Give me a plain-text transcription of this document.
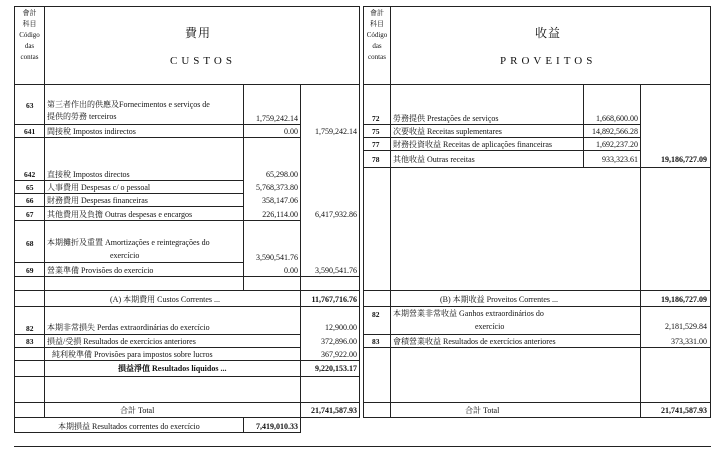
會計
科目
Código
das
contas
會計
科目
Código
das
contas
費用
CUSTOS
收益
PROVEITOS
63 第三者作出的供應及Fornecimentos e serviços de
提供的勞務 terceiros	1,759,242.14
641 間接稅 Impostos indirectos	0.00	1,759,242.14
642 直接稅 Impostos directos	65,298.00
65 人事費用 Despesas c/ o pessoal	5,768,373.80
66 財務費用 Despesas financeiras	358,147.06
67 其他費用及負擔 Outras despesas e encargos	226,114.00	6,417,932.86
68 本期攤折及重置 Amortizações e reintegrações do
exercício	3,590,541.76
69 營業準備 Provisões do exercício	0.00	3,590,541.76
(A) 本期費用 Custos Correntes ...	11,767,716.76
82 本期非常損失 Perdas extraordinárias do exercício	12,900.00
83 損益/受損 Resultados de exercícios anteriores	372,896.00
純利稅準備 Provisões para impostos sobre lucros	367,922.00
損益淨值 Resultados líquidos ...	9,220,153.17
合計 Total	21,741,587.93
本期損益 Resultados correntes do exercício	7,419,010.33
72 勞務提供 Prestações de serviços	1,668,600.00
75 次要收益 Receitas suplementares	14,892,566.28
77 財務投資收益 Receitas de aplicações financeiras	1,692,237.20
78 其他收益 Outras receitas	933,323.61	19,186,727.09
(B) 本期收益 Proveitos Correntes ...	19,186,727.09
82 本期營業非常收益 Ganhos extraordinários do
exercício	2,181,529.84
83 會積營業收益 Resultados de exercícios anteriores	373,331.00
合計 Total	21,741,587.93
